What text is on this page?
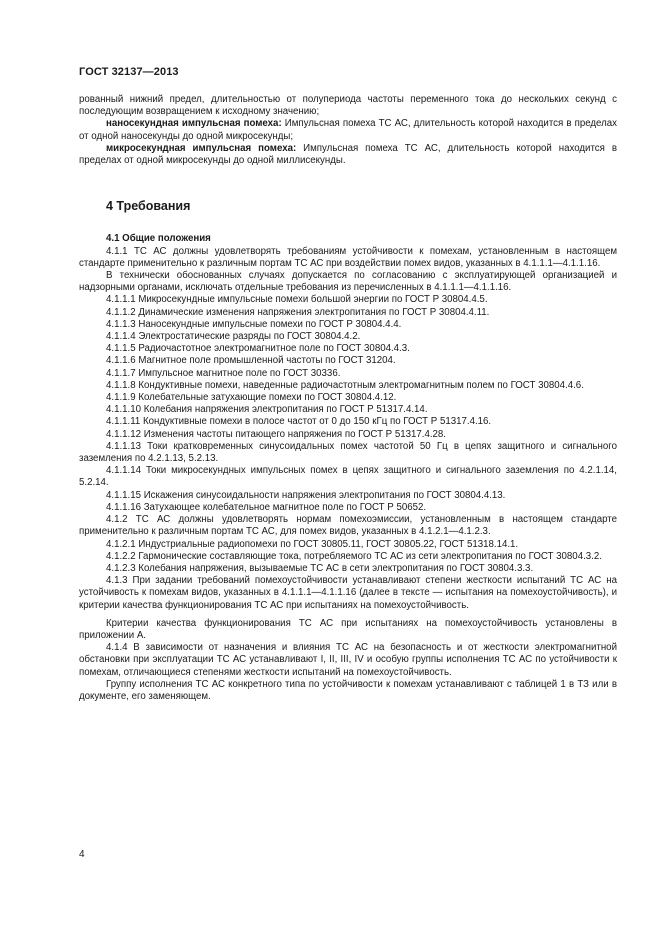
ГОСТ 32137—2013

рованный нижний предел, длительностью от полупериода частоты переменного тока до нескольких секунд с последующим возвращением к исходному значению;

наносекундная импульсная помеха: Импульсная помеха ТС АС, длительность которой находится в пределах от одной наносекунды до одной микросекунды;

микросекундная импульсная помеха: Импульсная помеха ТС АС, длительность которой находится в пределах от одной микросекунды до одной миллисекунды.

4 Требования
4.1 Общие положения

4.1.1 ТС АС должны удовлетворять требованиям устойчивости к помехам, установленным в настоящем стандарте применительно к различным портам ТС АС при воздействии помех видов, указанных в 4.1.1.1—4.1.1.16.

В технически обоснованных случаях допускается по согласованию с эксплуатирующей организацией и надзорными органами, исключать отдельные требования из перечисленных в 4.1.1.1—4.1.1.16.

4.1.1.1 Микросекундные импульсные помехи большой энергии по ГОСТ Р 30804.4.5.

4.1.1.2 Динамические изменения напряжения электропитания по ГОСТ Р 30804.4.11.

4.1.1.3 Наносекундные импульсные помехи по ГОСТ Р 30804.4.4.

4.1.1.4 Электростатические разряды по ГОСТ 30804.4.2.

4.1.1.5 Радиочастотное электромагнитное поле по ГОСТ 30804.4.3.

4.1.1.6 Магнитное поле промышленной частоты по ГОСТ 31204.

4.1.1.7 Импульсное магнитное поле по ГОСТ 30336.

4.1.1.8 Кондуктивные помехи, наведенные радиочастотным электромагнитным полем по ГОСТ 30804.4.6.

4.1.1.9 Колебательные затухающие помехи по ГОСТ 30804.4.12.

4.1.1.10 Колебания напряжения электропитания по ГОСТ Р 51317.4.14.

4.1.1.11 Кондуктивные помехи в полосе частот от 0 до 150 кГц по ГОСТ Р 51317.4.16.

4.1.1.12 Изменения частоты питающего напряжения по ГОСТ Р 51317.4.28.

4.1.1.13 Токи кратковременных синусоидальных помех частотой 50 Гц в цепях защитного и сигнального заземления по 4.2.1.13, 5.2.13.

4.1.1.14 Токи микросекундных импульсных помех в цепях защитного и сигнального заземления по 4.2.1.14, 5.2.14.

4.1.1.15 Искажения синусоидальности напряжения электропитания по ГОСТ 30804.4.13.

4.1.1.16 Затухающее колебательное магнитное поле по ГОСТ Р 50652.

4.1.2 ТС АС должны удовлетворять нормам помехоэмиссии, установленным в настоящем стандарте применительно к различным портам ТС АС, для помех видов, указанных в 4.1.2.1—4.1.2.3.

4.1.2.1 Индустриальные радиопомехи по ГОСТ 30805.11, ГОСТ 30805.22, ГОСТ 51318.14.1.

4.1.2.2 Гармонические составляющие тока, потребляемого ТС АС из сети электропитания по ГОСТ 30804.3.2.

4.1.2.3 Колебания напряжения, вызываемые ТС АС в сети электропитания по ГОСТ 30804.3.3.

4.1.3 При задании требований помехоустойчивости устанавливают степени жесткости испытаний ТС АС на устойчивость к помехам видов, указанных в 4.1.1.1—4.1.1.16 (далее в тексте — испытания на помехоустойчивость), и критерии качества функционирования ТС АС при испытаниях на помехоустойчивость.

Критерии качества функционирования ТС АС при испытаниях на помехоустойчивость установлены в приложении А.

4.1.4 В зависимости от назначения и влияния ТС АС на безопасность и от жесткости электромагнитной обстановки при эксплуатации ТС АС устанавливают I, II, III, IV и особую группы исполнения ТС АС по устойчивости к помехам, отличающиеся степенями жесткости испытаний на помехоустойчивость.

Группу исполнения ТС АС конкретного типа по устойчивости к помехам устанавливают с таблицей 1 в ТЗ или в документе, его заменяющем.

4
